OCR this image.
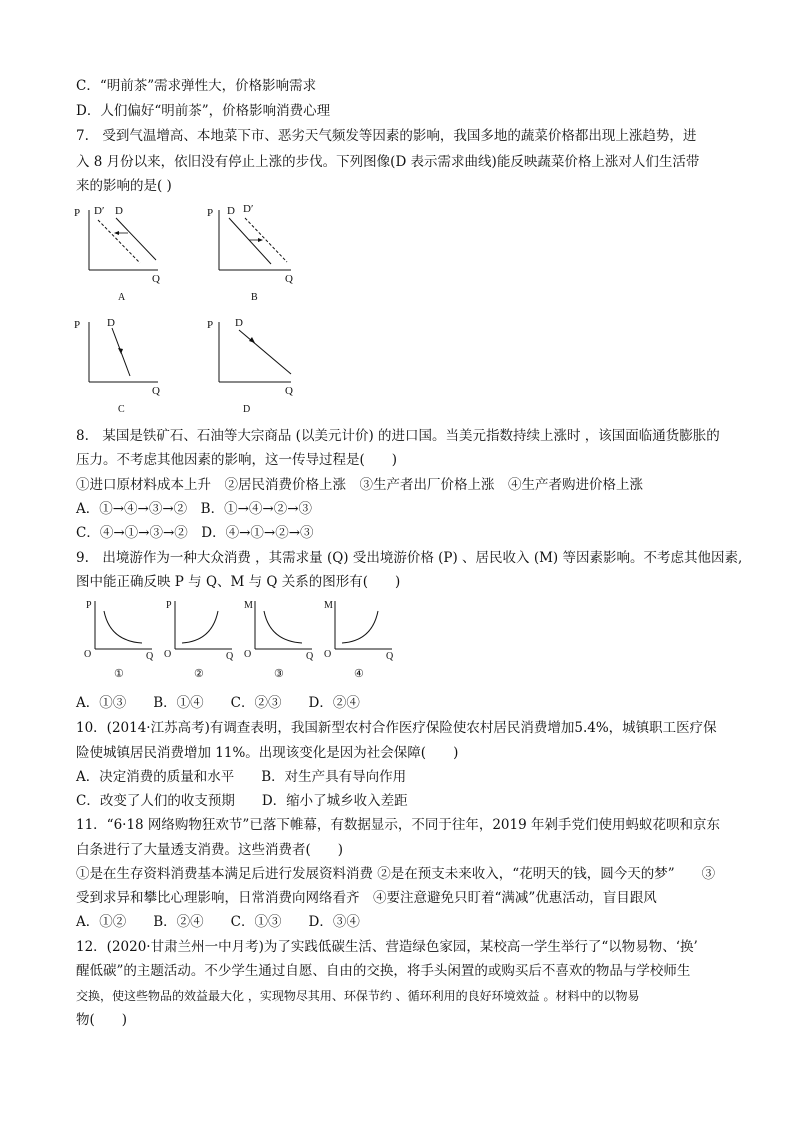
C．“明前茶”需求弹性大，价格影响需求
D．人们偏好“明前茶”，价格影响消费心理
7.　受到气温增高、本地菜下市、恶劣天气频发等因素的影响，我国多地的蔬菜价格都出现上涨趋势，进
入 8 月份以来，依旧没有停止上涨的步伐。下列图像(D 表示需求曲线)能反映蔬菜价格上涨对人们生活带
来的影响的是( )
P D′ D
Q
A
P D D′
Q
B
P D
Q
C
P D
Q
D
8.　某国是铁矿石、石油等大宗商品 (以美元计价) 的进口国。当美元指数持续上涨时 ，该国面临通货膨胀的
压力。不考虑其他因素的影响，这一传导过程是(　　)
①进口原材料成本上升　②居民消费价格上涨　③生产者出厂价格上涨　④生产者购进价格上涨
A．①→④→③→②　B．①→④→②→③
C．④→①→③→②　D．④→①→②→③
9.　出境游作为一种大众消费 ，其需求量 (Q) 受出境游价格 (P) 、居民收入 (M) 等因素影响。不考虑其他因素,
图中能正确反映 P 与 Q、M 与 Q 关系的图形有(　　)
P
O	Q
①
P
O	Q
②
M
O	Q
③
M
O	Q
④
A．①③　　B．①④　　C．②③　　D．②④
10．(2014·江苏高考)有调查表明，我国新型农村合作医疗保险使农村居民消费增加5.4%，城镇职工医疗保
险使城镇居民消费增加 11%。出现该变化是因为社会保障(　　)
A．决定消费的质量和水平　　B．对生产具有导向作用
C．改变了人们的收支预期　　D．缩小了城乡收入差距
11．“6·18 网络购物狂欢节”已落下帷幕，有数据显示，不同于往年，2019 年剁手党们使用蚂蚁花呗和京东
白条进行了大量透支消费。这些消费者(　　)
①是在生存资料消费基本满足后进行发展资料消费 ②是在预支未来收入，“花明天的钱，圆今天的梦”　　③
受到求异和攀比心理影响，日常消费向网络看齐　④要注意避免只盯着“满减”优惠活动，盲目跟风
A．①②　　B．②④　　C．①③　　D．③④
12．(2020·甘肃兰州一中月考)为了实践低碳生活、营造绿色家园，某校高一学生举行了“以物易物、‘换’
醒低碳”的主题活动。不少学生通过自愿、自由的交换，将手头闲置的或购买后不喜欢的物品与学校师生
交换，使这些物品的效益最大化 ，实现物尽其用、环保节约 、循环利用的良好环境效益 。材料中的以物易
物(　　)
